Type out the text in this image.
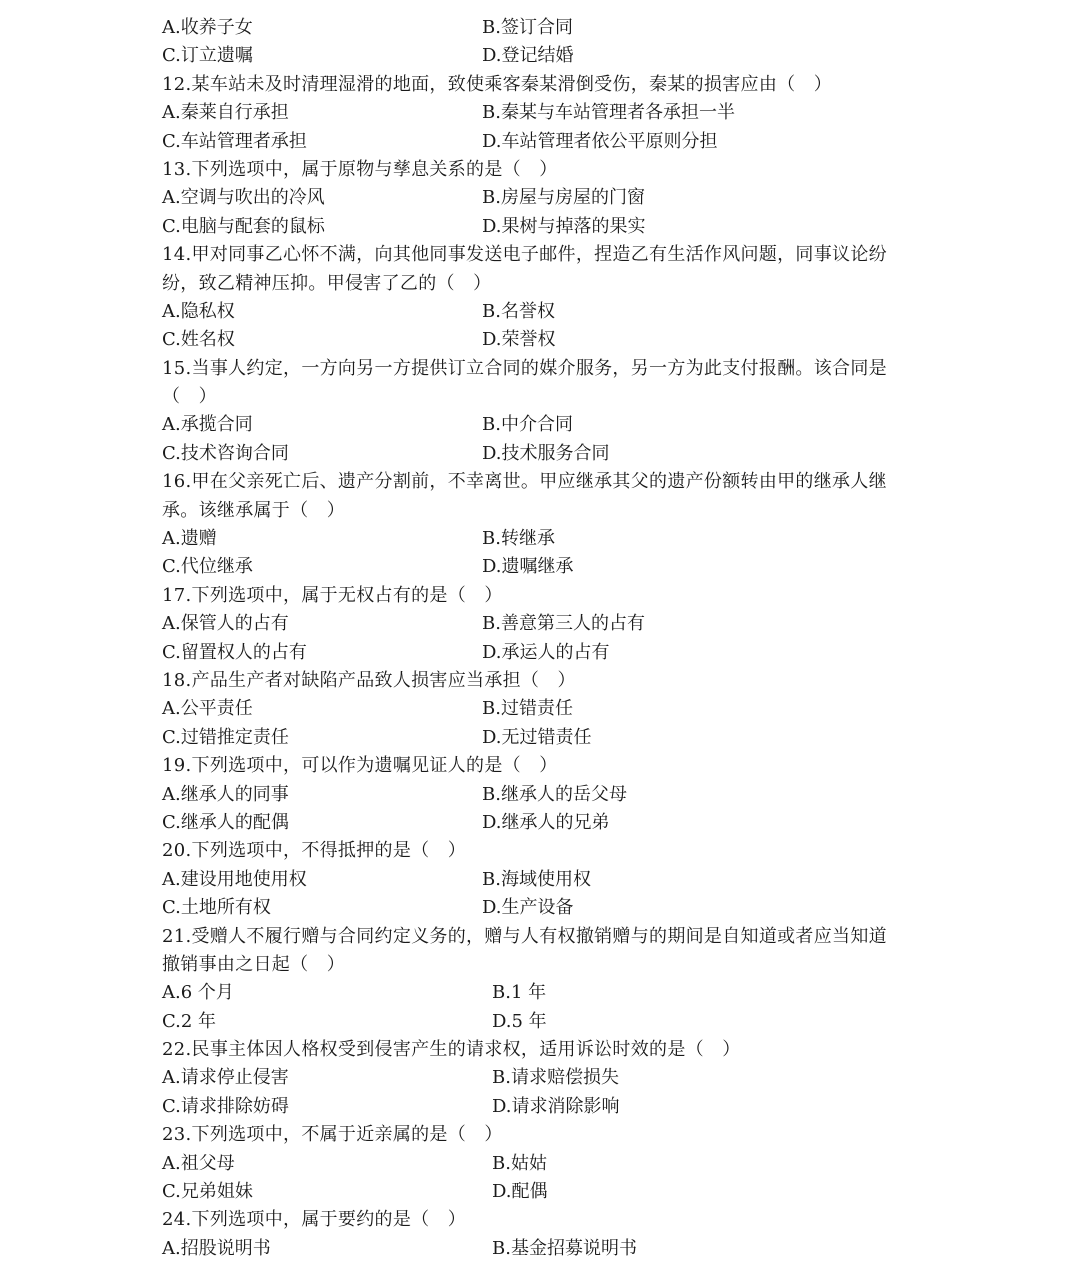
A.收养子女	B.签订合同
C.订立遗嘱	D.登记结婚
12.某车站未及时清理湿滑的地面，致使乘客秦某滑倒受伤，秦某的损害应由（　）
A.秦莱自行承担	B.秦某与车站管理者各承担一半
C.车站管理者承担	D.车站管理者依公平原则分担
13.下列选项中，属于原物与孳息关系的是（　）
A.空调与吹出的冷风	B.房屋与房屋的门窗
C.电脑与配套的鼠标	D.果树与掉落的果实
14.甲对同事乙心怀不满，向其他同事发送电子邮件，捏造乙有生活作风问题，同事议论纷
纷，致乙精神压抑。甲侵害了乙的（　）
A.隐私权	B.名誉权
C.姓名权	D.荣誉权
15.当事人约定，一方向另一方提供订立合同的媒介服务，另一方为此支付报酬。该合同是
（　）
A.承揽合同	B.中介合同
C.技术咨询合同	D.技术服务合同
16.甲在父亲死亡后、遗产分割前，不幸离世。甲应继承其父的遗产份额转由甲的继承人继
承。该继承属于（　）
A.遗赠	B.转继承
C.代位继承	D.遗嘱继承
17.下列选项中，属于无权占有的是（　）
A.保管人的占有	B.善意第三人的占有
C.留置权人的占有	D.承运人的占有
18.产品生产者对缺陷产品致人损害应当承担（　）
A.公平责任	B.过错责任
C.过错推定责任	D.无过错责任
19.下列选项中，可以作为遗嘱见证人的是（　）
A.继承人的同事	B.继承人的岳父母
C.继承人的配偶	D.继承人的兄弟
20.下列选项中，不得抵押的是（　）
A.建设用地使用权	B.海域使用权
C.土地所有权	D.生产设备
21.受赠人不履行赠与合同约定义务的，赠与人有权撤销赠与的期间是自知道或者应当知道
撤销事由之日起（　）
A.6 个月	B.1 年
C.2 年	D.5 年
22.民事主体因人格权受到侵害产生的请求权，适用诉讼时效的是（　）
A.请求停止侵害	B.请求赔偿损失
C.请求排除妨碍	D.请求消除影响
23.下列选项中，不属于近亲属的是（　）
A.祖父母	B.姑姑
C.兄弟姐妹	D.配偶
24.下列选项中，属于要约的是（　）
A.招股说明书	B.基金招募说明书
